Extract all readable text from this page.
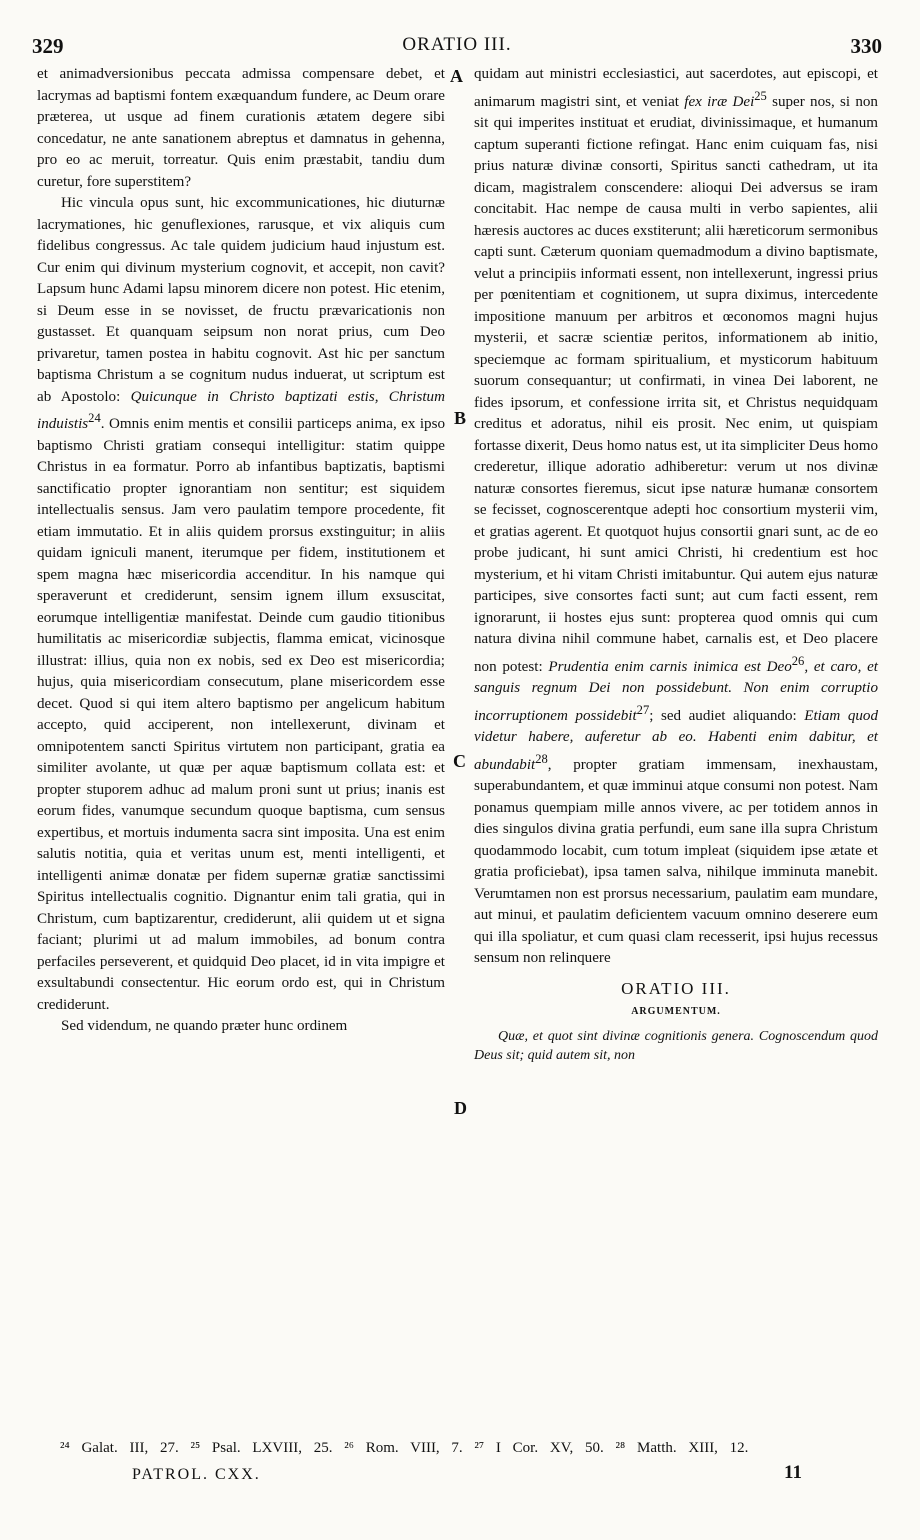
329	ORATIO III.	330

et animadversionibus peccata admissa compensare debet, et lacrymas ad baptismi fontem exæquandum fundere, ac Deum orare præterea, ut usque ad finem curationis ætatem degere sibi concedatur, ne ante sanationem abreptus et damnatus in gehenna, pro eo ac meruit, torreatur. Quis enim præstabit, tandiu dum curetur, fore superstitem?

Hic vincula opus sunt, hic excommunicationes, hic diuturnæ lacrymationes, hic genuflexiones, rarusque, et vix aliquis cum fidelibus congressus. Ac tale quidem judicium haud injustum est. Cur enim qui divinum mysterium cognovit, et accepit, non cavit? Lapsum hunc Adami lapsu minorem dicere non potest. Hic etenim, si Deum esse in se novisset, de fructu prævaricationis non gustasset. Et quanquam seipsum non norat prius, cum Deo privaretur, tamen postea in habitu cognovit. Ast hic per sanctum baptisma Christum a se cognitum nudus induerat, ut scriptum est ab Apostolo: Quicunque in Christo baptizati estis, Christum induistis$^{24}$. Omnis enim mentis et consilii particeps anima, ex ipso baptismo Christi gratiam consequi intelligitur: statim quippe Christus in ea formatur. Porro ab infantibus baptizatis, baptismi sanctificatio propter ignorantiam non sentitur; est siquidem intellectualis sensus. Jam vero paulatim tempore procedente, fit etiam immutatio. Et in aliis quidem prorsus exstinguitur; in aliis quidam igniculi manent, iterumque per fidem, institutionem et spem magna hæc misericordia accenditur. In his namque qui speraverunt et crediderunt, sensim ignem illum exsuscitat, eorumque intelligentiæ manifestat. Deinde cum gaudio titionibus humilitatis ac misericordiæ subjectis, flamma emicat, vicinosque illustrat: illius, quia non ex nobis, sed ex Deo est misericordia; hujus, quia misericordiam consecutum, plane misericordem esse decet. Quod si qui item altero baptismo per angelicum habitum accepto, quid acciperent, non intellexerunt, divinam et omnipotentem sancti Spiritus virtutem non participant, gratia ea similiter avolante, ut quæ per aquæ baptismum collata est: et propter stuporem adhuc ad malum proni sunt ut prius; inanis est eorum fides, vanumque secundum quoque baptisma, cum sensus expertibus, et mortuis indumenta sacra sint imposita. Una est enim salutis notitia, quia et veritas unum est, menti intelligenti, et intelligenti animæ donatæ per fidem supernæ gratiæ sanctissimi Spiritus intellectualis cognitio. Dignantur enim tali gratia, qui in Christum, cum baptizarentur, crediderunt, alii quidem ut et signa faciant; plurimi ut ad malum immobiles, ad bonum contra perfaciles perseverent, et quidquid Deo placet, id in vita impigre et exsultabundi consectentur. Hic eorum ordo est, qui in Christum crediderunt.

Sed videndum, ne quando præter hunc ordinem

A
B
C
D

quidam aut ministri ecclesiastici, aut sacerdotes, aut episcopi, et animarum magistri sint, et veniat fex iræ Dei$^{25}$ super nos, si non sit qui imperites instituat et erudiat, divinissimaque, et humanum captum superanti fictione refingat. Hanc enim cuiquam fas, nisi prius naturæ divinæ consorti, Spiritus sancti cathedram, ut ita dicam, magistralem conscendere: alioqui Dei adversus se iram concitabit. Hac nempe de causa multi in verbo sapientes, alii hæresis auctores ac duces exstiterunt; alii hæreticorum sermonibus capti sunt. Cæterum quoniam quemadmodum a divino baptismate, velut a principiis informati essent, non intellexerunt, ingressi prius per pœnitentiam et cognitionem, ut supra diximus, intercedente impositione manuum per arbitros et œconomos magni hujus mysterii, et sacræ scientiæ peritos, informationem ab initio, speciemque ac formam spiritualium, et mysticorum habituum suorum consequantur; ut confirmati, in vinea Dei laborent, ne fides ipsorum, et confessione irrita sit, et Christus nequidquam creditus et adoratus, nihil eis prosit. Nec enim, ut quispiam fortasse dixerit, Deus homo natus est, ut ita simpliciter Deus homo crederetur, illique adoratio adhiberetur: verum ut nos divinæ naturæ consortes fieremus, sicut ipse naturæ humanæ consortem se fecisset, cognoscerentque adepti hoc consortium mysterii vim, et gratias agerent. Et quotquot hujus consortii gnari sunt, ac de eo probe judicant, hi sunt amici Christi, hi credentium est hoc mysterium, et hi vitam Christi imitabuntur. Qui autem ejus naturæ participes, sive consortes facti sunt; aut cum facti essent, rem ignorarunt, ii hostes ejus sunt: propterea quod omnis qui cum natura divina nihil commune habet, carnalis est, et Deo placere non potest: Prudentia enim carnis inimica est Deo$^{26}$, et caro, et sanguis regnum Dei non possidebunt. Non enim corruptio incorruptionem possidebit$^{27}$; sed audiet aliquando: Etiam quod videtur habere, auferetur ab eo. Habenti enim dabitur, et abundabit$^{28}$, propter gratiam immensam, inexhaustam, superabundantem, et quæ imminui atque consumi non potest. Nam ponamus quempiam mille annos vivere, ac per totidem annos in dies singulos divina gratia perfundi, eum sane illa supra Christum quodammodo locabit, cum totum impleat (siquidem ipse ætate et gratia proficiebat), ipsa tamen salva, nihilque imminuta manebit. Verumtamen non est prorsus necessarium, paulatim eam mundare, aut minui, et paulatim deficientem vacuum omnino deserere eum qui illa spoliatur, et cum quasi clam recesserit, ipsi hujus recessus sensum non relinquere

ORATIO III.
ARGUMENTUM.
Quæ, et quot sint divinæ cognitionis genera. Cognoscendum quod Deus sit; quid autem sit, non
²⁴ Galat. III, 27. ²⁵ Psal. LXVIII, 25. ²⁶ Rom. VIII, 7. ²⁷ I Cor. XV, 50. ²⁸ Matth. XIII, 12.
PATROL. CXX.	11
